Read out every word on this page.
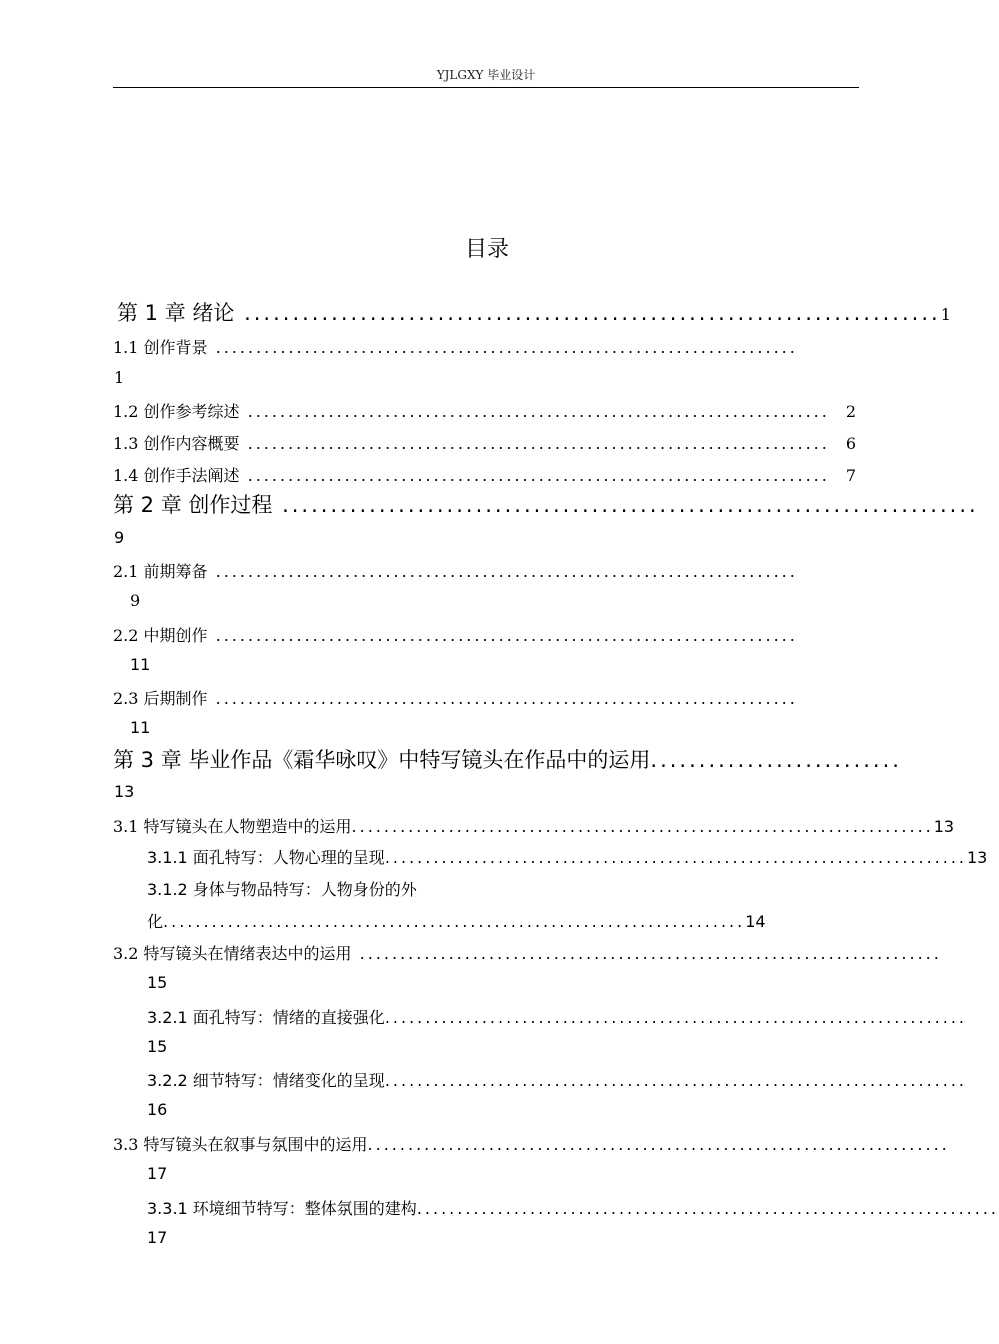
YJLGXY 毕业设计
目录
第 1 章 绪论 ........................................................................ 1
1.1 创作背景 ........................................................................
1
1.2 创作参考综述 ........................................................................ 2
1.3 创作内容概要 ........................................................................ 6
1.4 创作手法阐述 ........................................................................ 7
第 2 章 创作过程 ........................................................................
9
2.1 前期筹备 ........................................................................
9
2.2 中期创作 ........................................................................
11
2.3 后期制作 ........................................................................
11
第 3 章 毕业作品《霜华咏叹》中特写镜头在作品中的运用 ..........................
13
3.1 特写镜头在人物塑造中的运用 ........................................................................ 13
3.1.1 面孔特写：人物心理的呈现 ........................................................................ 13
3.1.2 身体与物品特写：人物身份的外
化 ........................................................................ 14
3.2 特写镜头在情绪表达中的运用 ........................................................................
15
3.2.1 面孔特写：情绪的直接强化 ........................................................................
15
3.2.2 细节特写：情绪变化的呈现 ........................................................................
16
3.3 特写镜头在叙事与氛围中的运用 ........................................................................
17
3.3.1 环境细节特写：整体氛围的建构 ........................................................................
17
